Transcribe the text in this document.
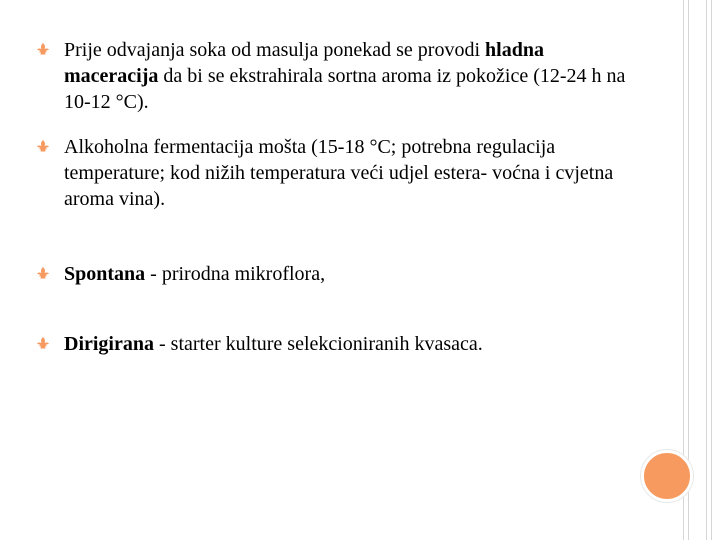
Prije odvajanja soka od masulja ponekad se provodi hladna maceracija da bi se ekstrahirala sortna aroma iz pokožice (12-24 h na 10-12 °C).
Alkoholna fermentacija mošta (15-18 °C; potrebna regulacija temperature; kod nižih temperatura veći udjel estera- voćna i cvjetna aroma vina).
Spontana - prirodna mikroflora,
Dirigirana - starter kulture selekcioniranih kvasaca.
